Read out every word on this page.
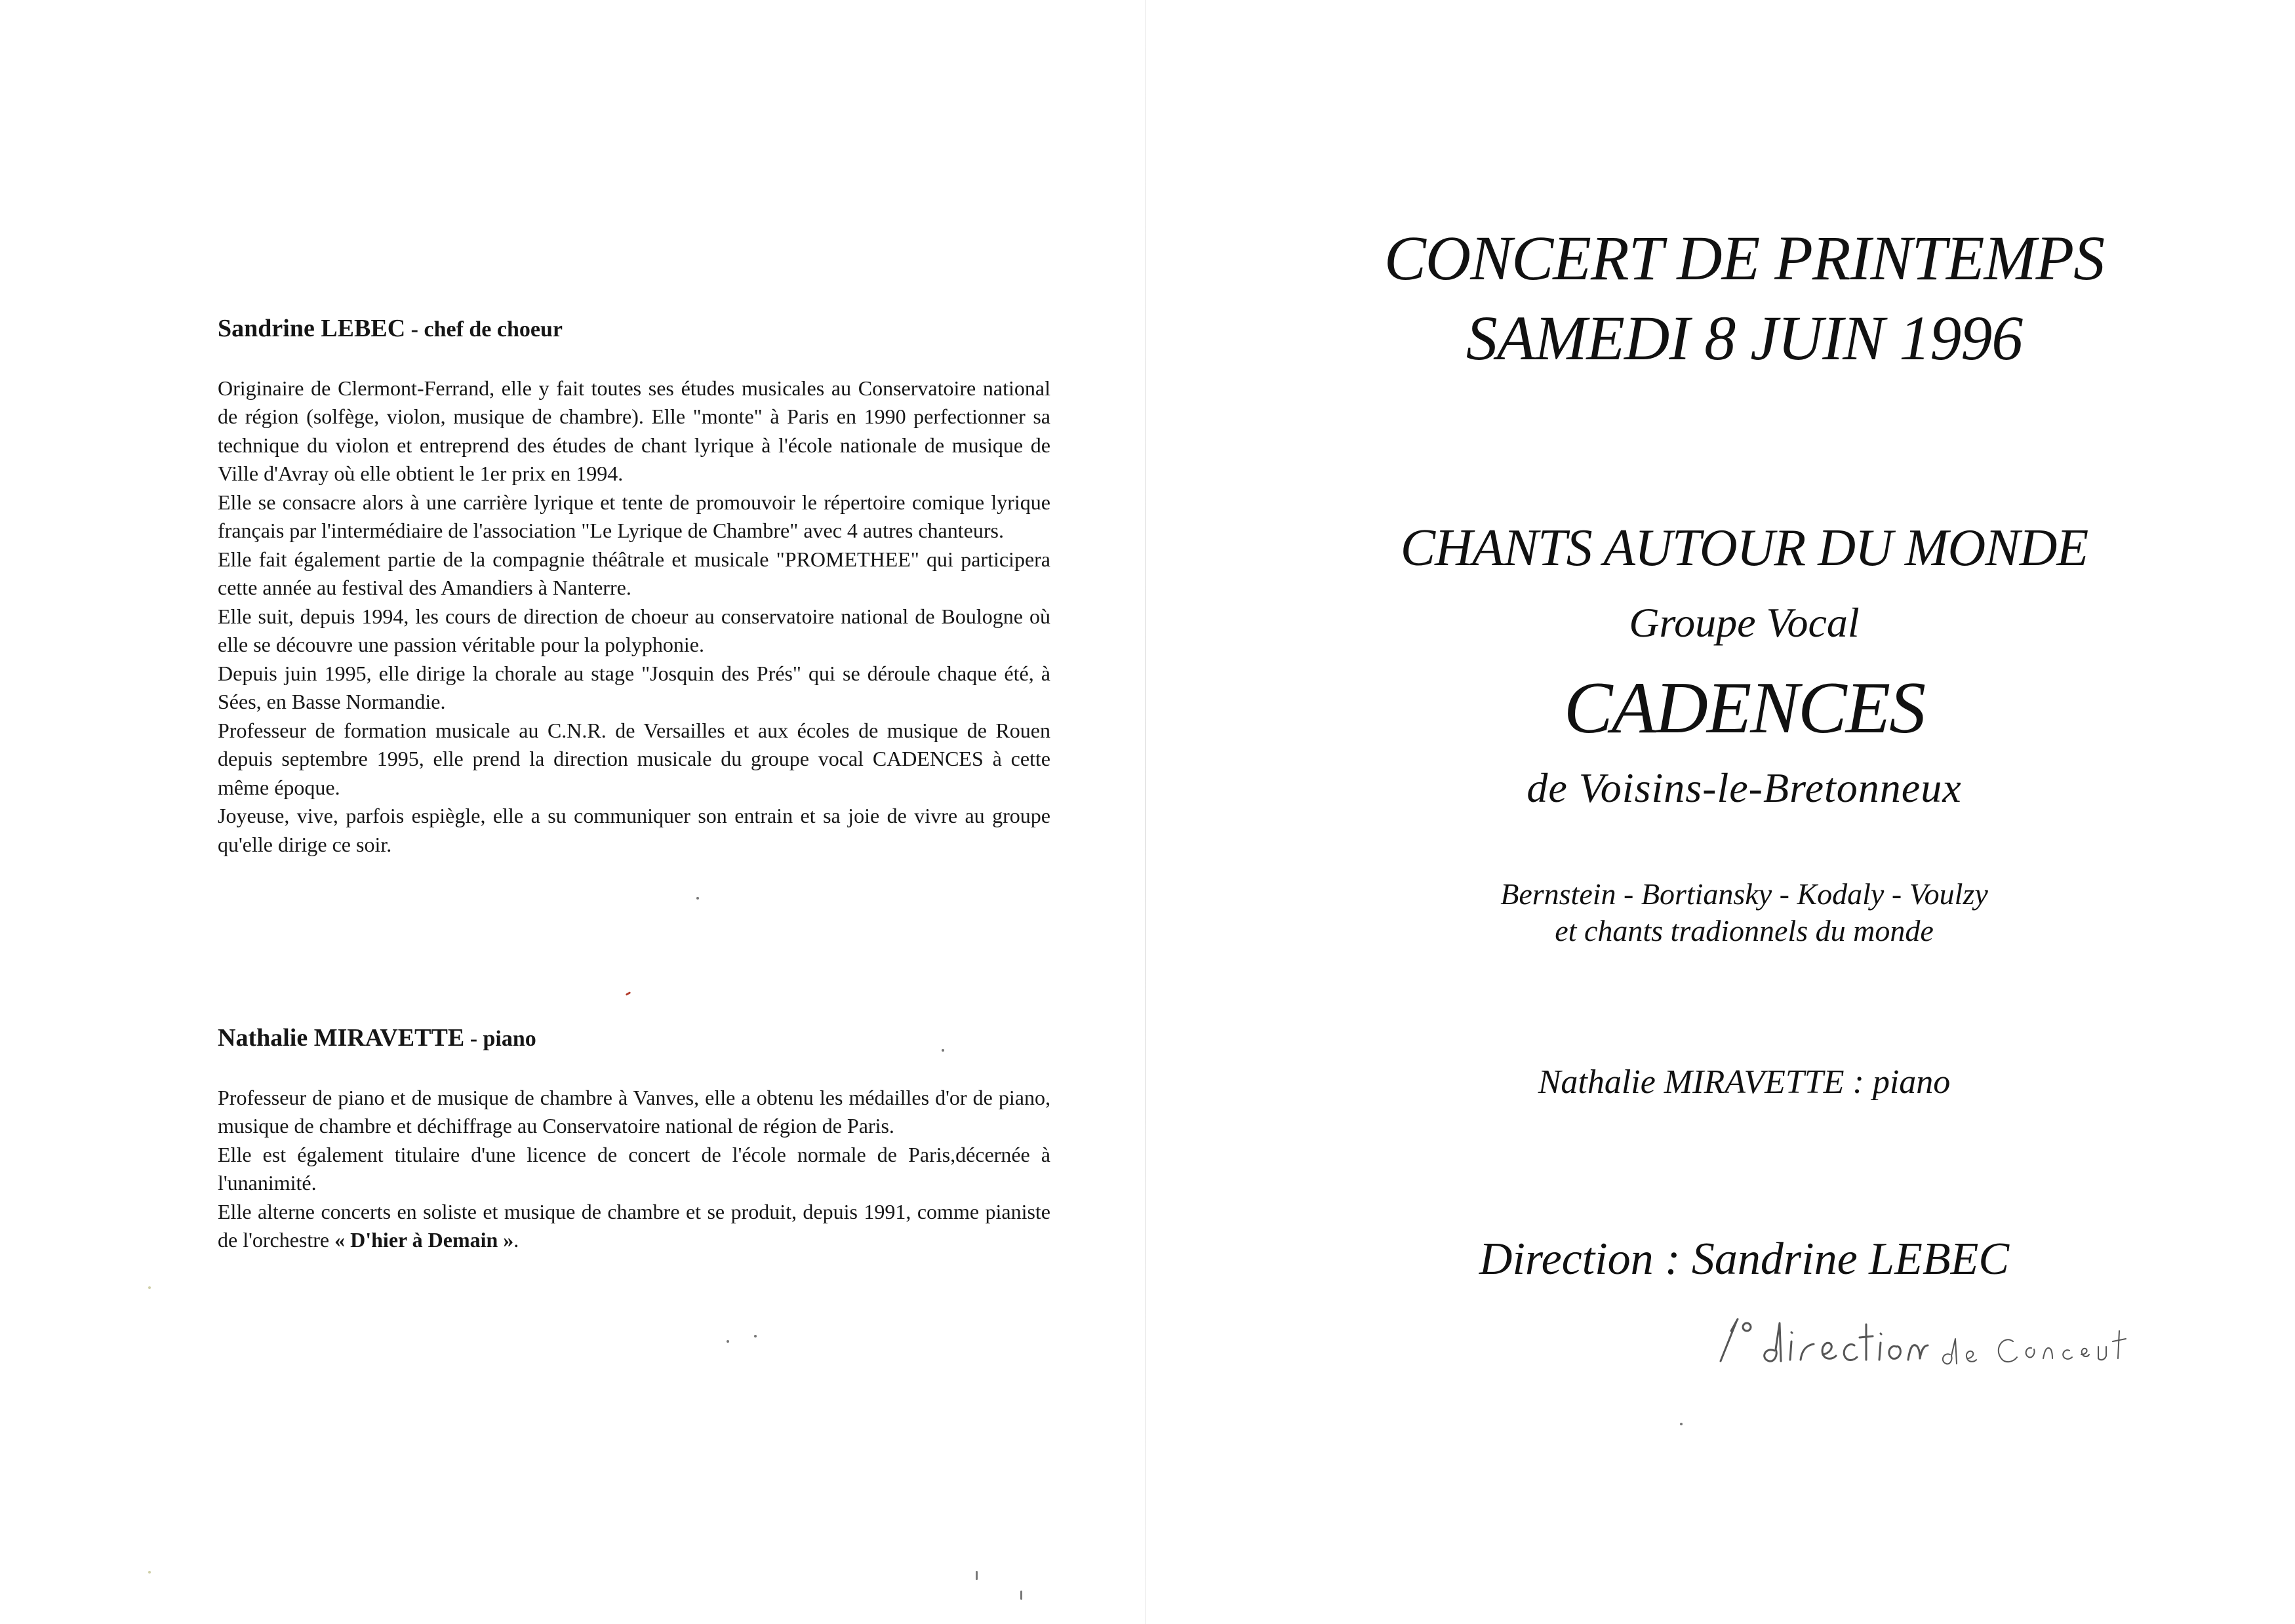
Sandrine LEBEC - chef de choeur

Originaire de Clermont-Ferrand, elle y fait toutes ses études musicales au Conservatoire national de région (solfège, violon, musique de chambre). Elle "monte" à Paris en 1990 perfectionner sa technique du violon et entreprend des études de chant lyrique à l'école nationale de musique de Ville d'Avray où elle obtient le 1er prix en 1994.

Elle se consacre alors à une carrière lyrique et tente de promouvoir le répertoire comique lyrique français par l'intermédiaire de l'association "Le Lyrique de Chambre" avec 4 autres chanteurs.

Elle fait également partie de la compagnie théâtrale et musicale "PROMETHEE" qui participera cette année au festival des Amandiers à Nanterre.

Elle suit, depuis 1994, les cours de direction de choeur au conservatoire national de Boulogne où elle se découvre une passion véritable pour la polyphonie.

Depuis juin 1995, elle dirige la chorale au stage "Josquin des Prés" qui se déroule chaque été, à Sées, en Basse Normandie.

Professeur de formation musicale au C.N.R. de Versailles et aux écoles de musique de Rouen depuis septembre 1995, elle prend la direction musicale du groupe vocal CADENCES à cette même époque.

Joyeuse, vive, parfois espiègle, elle a su communiquer son entrain et sa joie de vivre au groupe qu'elle dirige ce soir.

Nathalie MIRAVETTE - piano

Professeur de piano et de musique de chambre à Vanves, elle a obtenu les médailles d'or de piano, musique de chambre et déchiffrage au Conservatoire national de région de Paris.

Elle est également titulaire d'une licence de concert de l'école normale de Paris,décernée à l'unanimité.

Elle alterne concerts en soliste et musique de chambre et se produit, depuis 1991, comme pianiste de l'orchestre « D'hier à Demain ».

CONCERT DE PRINTEMPS

SAMEDI 8 JUIN 1996

CHANTS AUTOUR DU MONDE

Groupe Vocal

CADENCES

de Voisins-le-Bretonneux

Bernstein - Bortiansky - Kodaly - Voulzy

et chants tradionnels du monde

Nathalie MIRAVETTE : piano

Direction : Sandrine LEBEC
